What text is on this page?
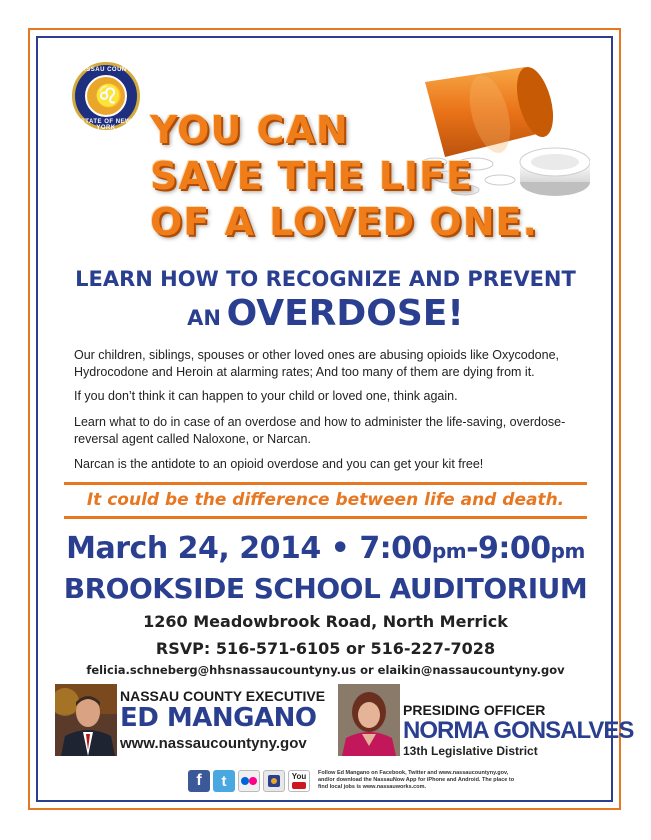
NASSAU COUNTY
♌
STATE OF NEW YORK YOU CAN
SAVE THE LIFE
OF A LOVED ONE.
LEARN HOW TO RECOGNIZE AND PREVENT
AN OVERDOSE!

Our children, siblings, spouses or other loved ones are abusing opioids like Oxycodone, Hydrocodone and Heroin at alarming rates; And too many of them are dying from it.

If you don’t think it can happen to your child or loved one, think again.

Learn what to do in case of an overdose and how to administer the life-saving, overdose- reversal agent called Naloxone, or Narcan.

Narcan is the antidote to an opioid overdose and you can get your kit free!

It could be the difference between life and death.
March 24, 2014 • 7:00pm-9:00pm
BROOKSIDE SCHOOL AUDITORIUM
1260 Meadowbrook Road, North Merrick
RSVP: 516-571-6105 or 516-227-7028
felicia.schneberg@hhsnassaucountyny.us or elaikin@nassaucountyny.gov
NASSAU COUNTY EXECUTIVE
ED MANGANO
www.nassaucountyny.gov
PRESIDING OFFICER
NORMA GONSALVES
13th Legislative District
f	t	You Follow Ed Mangano on Facebook, Twitter and www.nassaucountyny.gov, and/or download the NassauNow App for iPhone and Android. The place to find local jobs is www.nassauworks.com.
